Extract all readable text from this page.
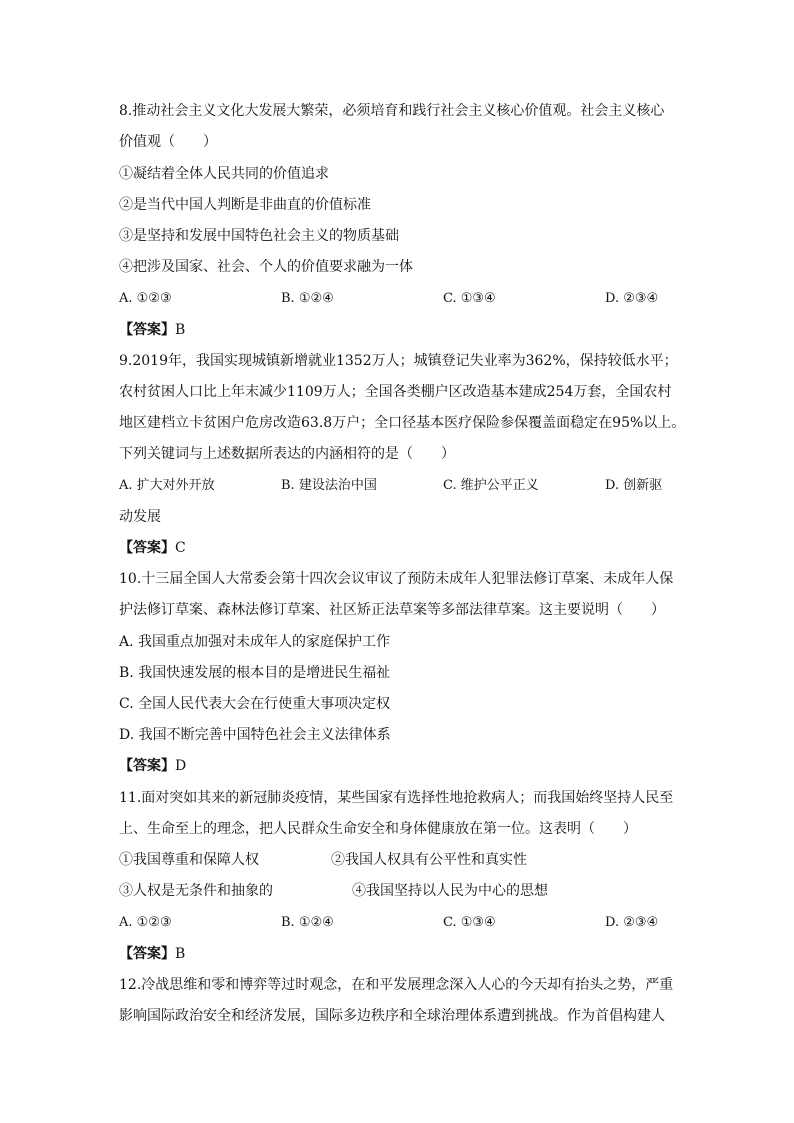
8.推动社会主义文化大发展大繁荣，必须培育和践行社会主义核心价值观。社会主义核心
价值观（　　）
①凝结着全体人民共同的价值追求
②是当代中国人判断是非曲直的价值标准
③是坚持和发展中国特色社会主义的物质基础
④把涉及国家、社会、个人的价值要求融为一体
A. ①②③	B. ①②④	C. ①③④	D. ②③④
【答案】B
9.2019年，我国实现城镇新增就业1352万人；城镇登记失业率为362%，保持较低水平；
农村贫困人口比上年末减少1109万人；全国各类棚户区改造基本建成254万套，全国农村
地区建档立卡贫困户危房改造63.8万户；全口径基本医疗保险参保覆盖面稳定在95%以上。
下列关键词与上述数据所表达的内涵相符的是（　　）
A. 扩大对外开放	B. 建设法治中国	C. 维护公平正义	D. 创新驱
动发展
【答案】C
10.十三届全国人大常委会第十四次会议审议了预防未成年人犯罪法修订草案、未成年人保
护法修订草案、森林法修订草案、社区矫正法草案等多部法律草案。这主要说明（　　）
A. 我国重点加强对未成年人的家庭保护工作
B. 我国快速发展的根本目的是增进民生福祉
C. 全国人民代表大会在行使重大事项决定权
D. 我国不断完善中国特色社会主义法律体系
【答案】D
11.面对突如其来的新冠肺炎疫情，某些国家有选择性地抢救病人；而我国始终坚持人民至
上、生命至上的理念，把人民群众生命安全和身体健康放在第一位。这表明（　　）
①我国尊重和保障人权	②我国人权具有公平性和真实性
③人权是无条件和抽象的	④我国坚持以人民为中心的思想
A. ①②③	B. ①②④	C. ①③④	D. ②③④
【答案】B
12.冷战思维和零和博弈等过时观念，在和平发展理念深入人心的今天却有抬头之势，严重
影响国际政治安全和经济发展，国际多边秩序和全球治理体系遭到挑战。作为首倡构建人
